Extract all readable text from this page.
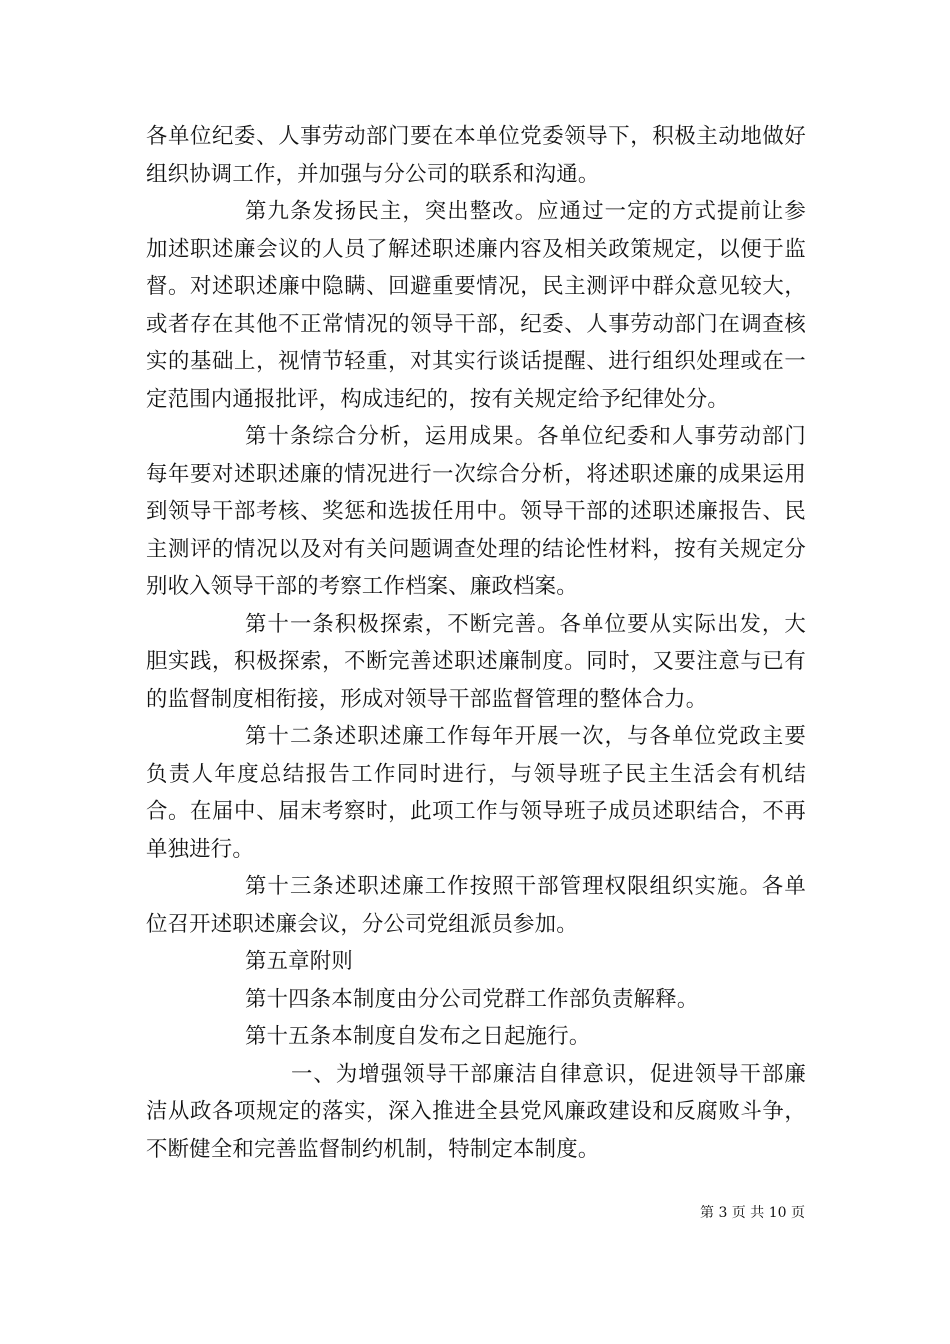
各单位纪委、人事劳动部门要在本单位党委领导下，积极主动地做好组织协调工作，并加强与分公司的联系和沟通。

第九条发扬民主，突出整改。应通过一定的方式提前让参加述职述廉会议的人员了解述职述廉内容及相关政策规定，以便于监督。对述职述廉中隐瞒、回避重要情况，民主测评中群众意见较大，或者存在其他不正常情况的领导干部，纪委、人事劳动部门在调查核实的基础上，视情节轻重，对其实行谈话提醒、进行组织处理或在一定范围内通报批评，构成违纪的，按有关规定给予纪律处分。

第十条综合分析，运用成果。各单位纪委和人事劳动部门每年要对述职述廉的情况进行一次综合分析，将述职述廉的成果运用到领导干部考核、奖惩和选拔任用中。领导干部的述职述廉报告、民主测评的情况以及对有关问题调查处理的结论性材料，按有关规定分别收入领导干部的考察工作档案、廉政档案。

第十一条积极探索，不断完善。各单位要从实际出发，大胆实践，积极探索，不断完善述职述廉制度。同时，又要注意与已有的监督制度相衔接，形成对领导干部监督管理的整体合力。

第十二条述职述廉工作每年开展一次，与各单位党政主要负责人年度总结报告工作同时进行，与领导班子民主生活会有机结合。在届中、届末考察时，此项工作与领导班子成员述职结合，不再单独进行。

第十三条述职述廉工作按照干部管理权限组织实施。各单位召开述职述廉会议，分公司党组派员参加。

第五章附则

第十四条本制度由分公司党群工作部负责解释。

第十五条本制度自发布之日起施行。

一、为增强领导干部廉洁自律意识，促进领导干部廉洁从政各项规定的落实，深入推进全县党风廉政建设和反腐败斗争，不断健全和完善监督制约机制，特制定本制度。

第 3 页 共 10 页
